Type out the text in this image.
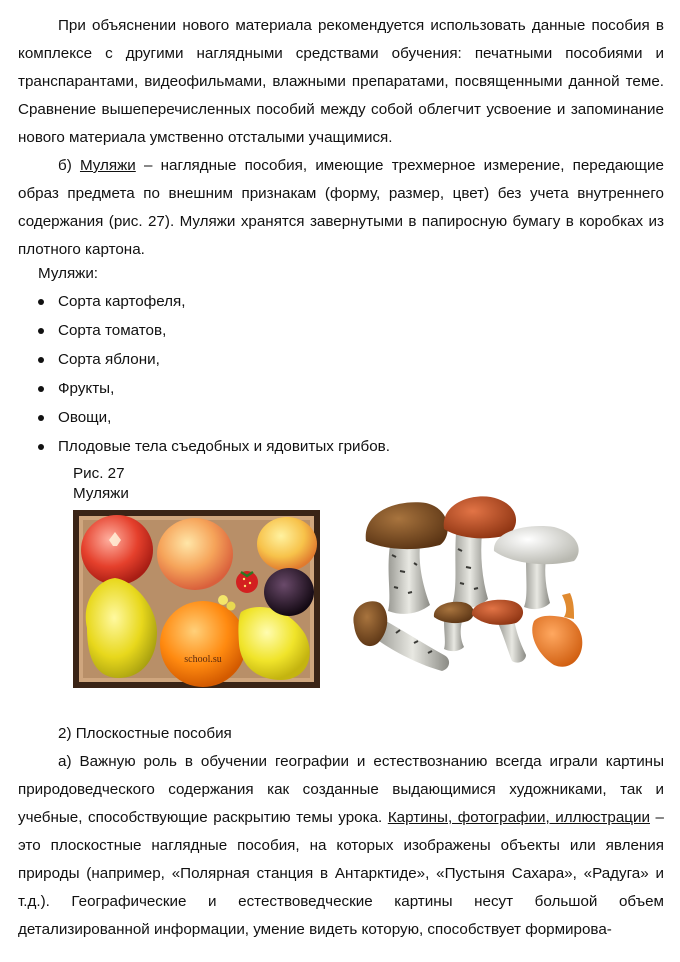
При объяснении нового материала рекомендуется использовать данные пособия в комплексе с другими наглядными средствами обучения: печатными пособиями и транспарантами, видеофильмами, влажными препаратами, посвященными данной теме. Сравнение вышеперечисленных пособий между собой облегчит усвоение и запоминание нового материала умственно отсталыми учащимися.

б) Муляжи – наглядные пособия, имеющие трехмерное измерение, передающие образ предмета по внешним признакам (форму, размер, цвет) без учета внутреннего содержания (рис. 27). Муляжи хранятся завернутыми в папиросную бумагу в коробках из плотного картона.

Муляжи:

Сорта картофеля,
Сорта томатов,
Сорта яблони,
Фрукты,
Овощи,
Плодовые тела съедобных и ядовитых грибов.

Рис. 27

Муляжи

school.su

2) Плоскостные пособия

а) Важную роль в обучении географии и естествознанию всегда играли картины природоведческого содержания как созданные выдающимися художниками, так и учебные, способствующие раскрытию темы урока. Картины, фотографии, иллюстрации – это плоскостные наглядные пособия, на которых изображены объекты или явления природы (например, «Полярная станция в Антарктиде», «Пустыня Сахара», «Радуга» и т.д.). Географические и естествоведческие картины несут большой объем детализированной информации, умение видеть которую, способствует формирова-
